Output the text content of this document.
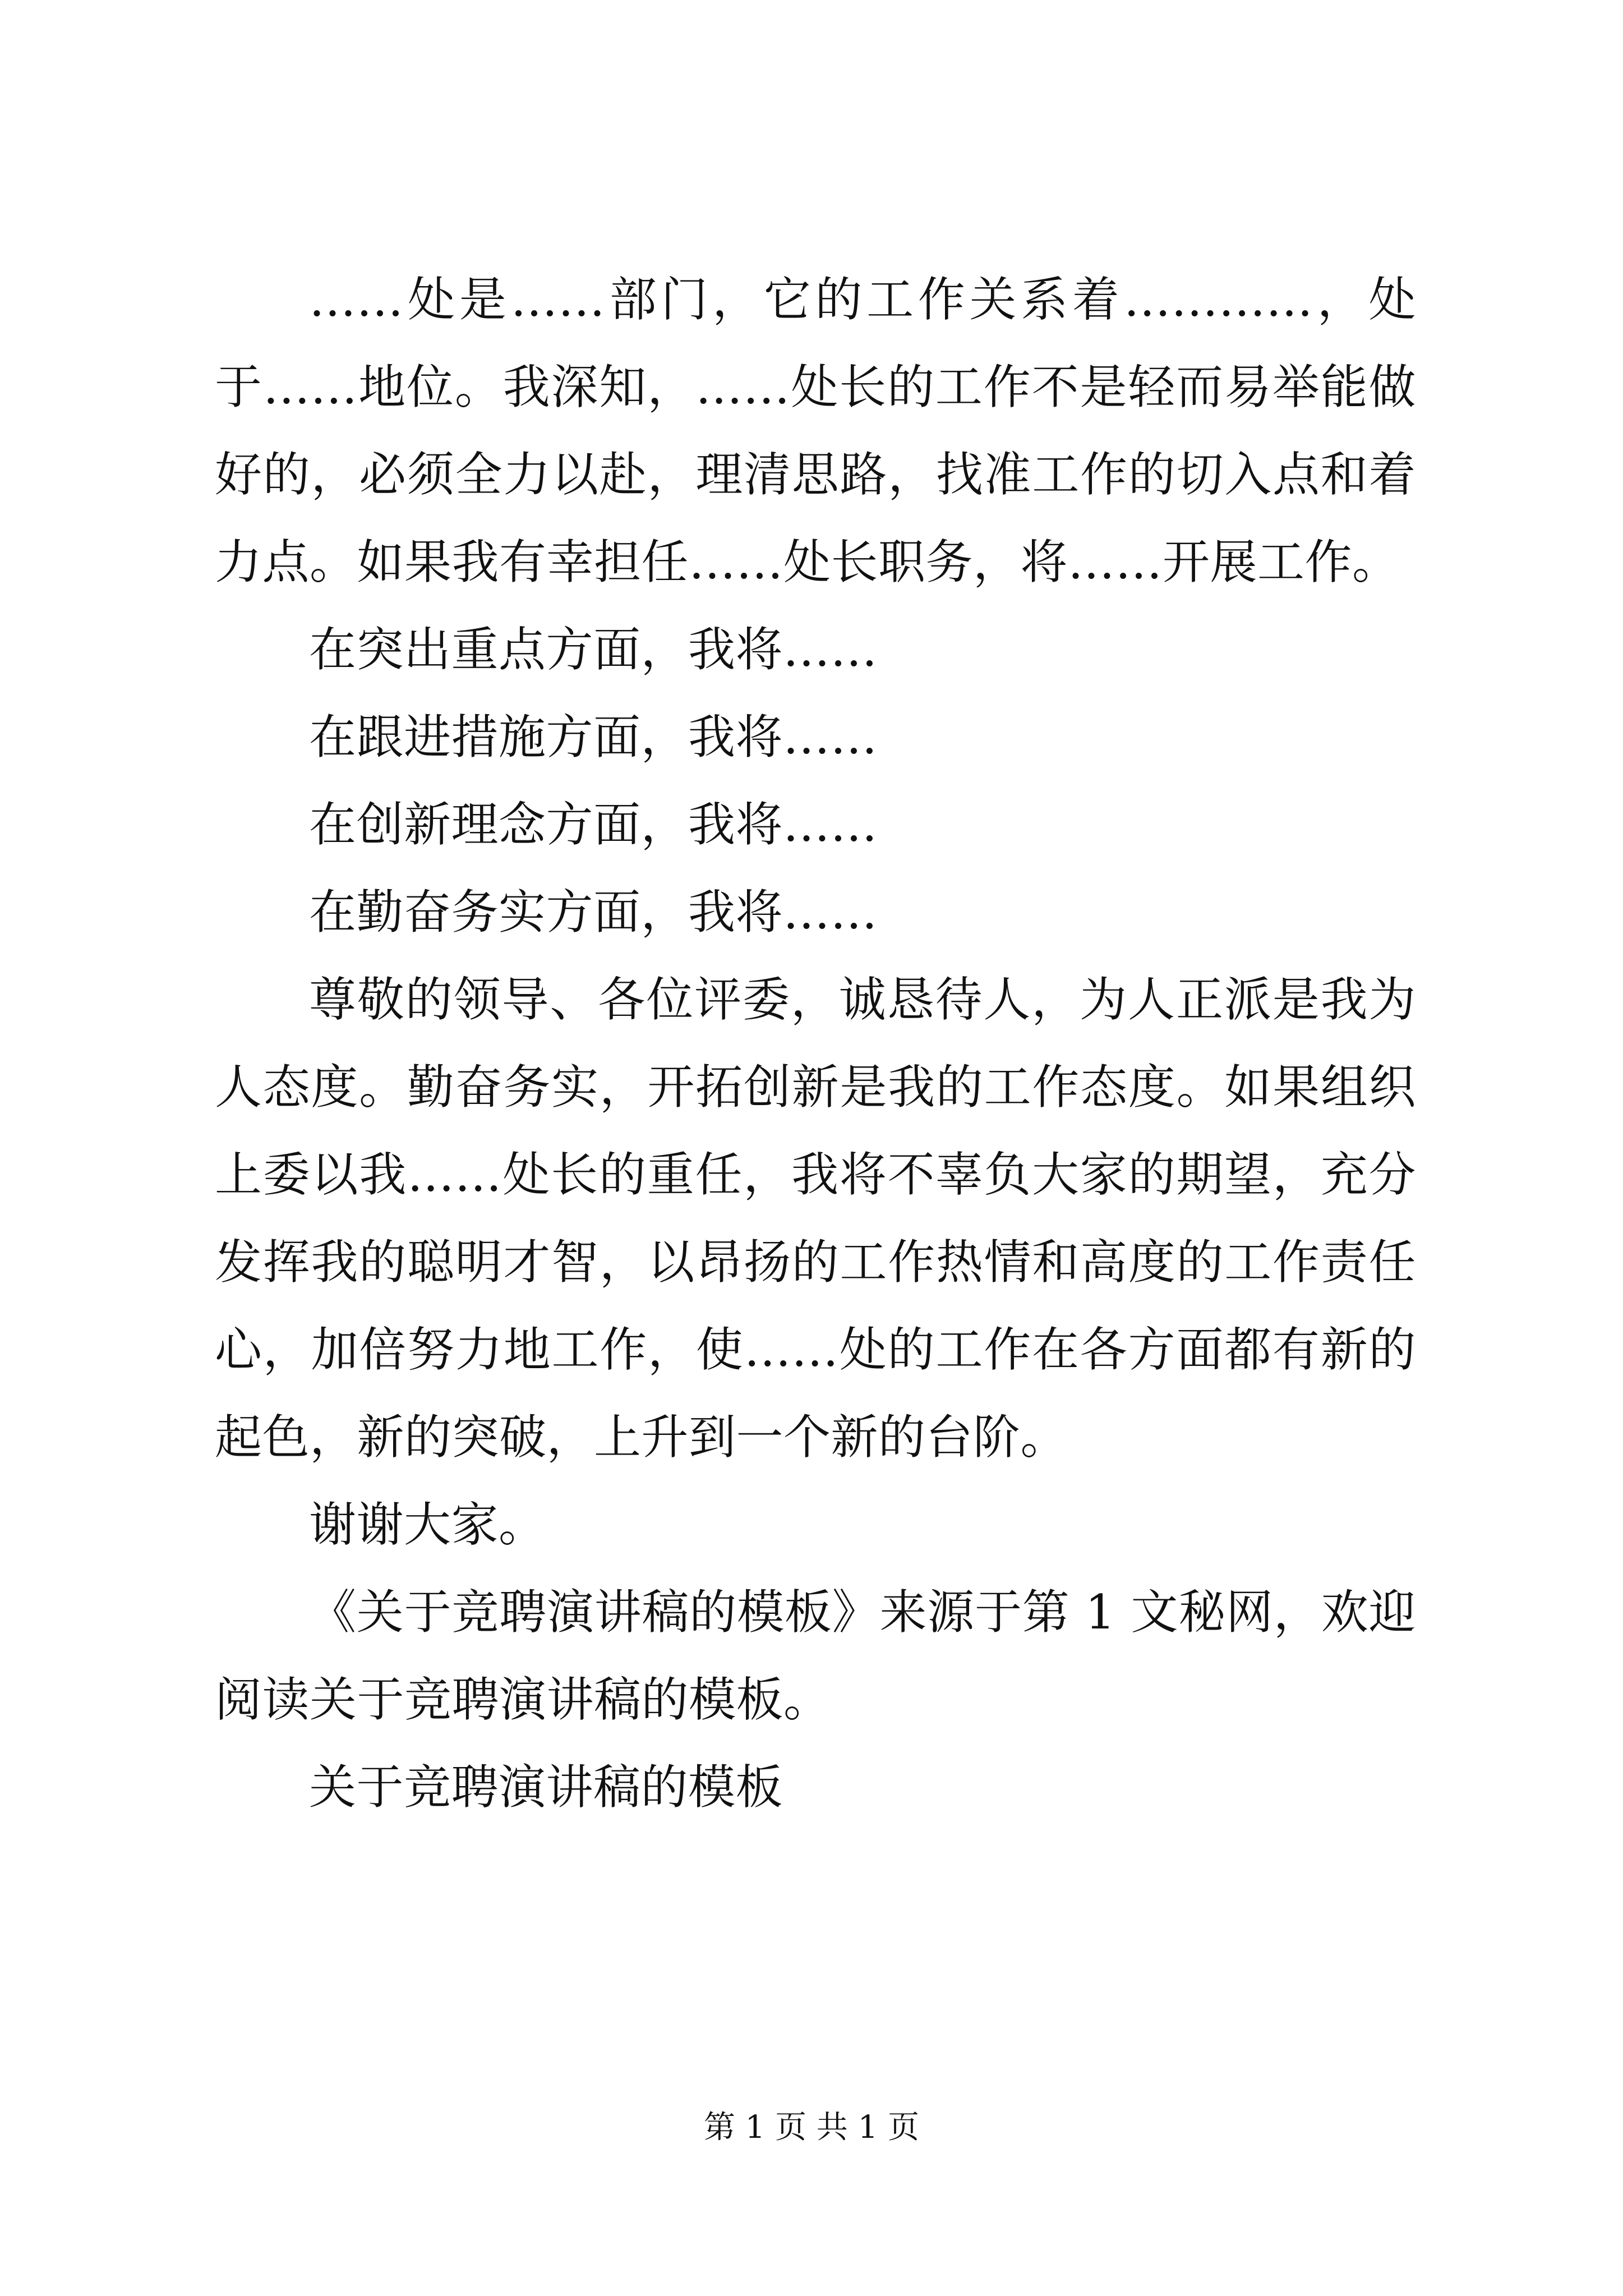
……处是……部门，它的工作关系着…………，处于……地位。我深知，……处长的工作不是轻而易举能做好的，必须全力以赴，理清思路，找准工作的切入点和着力点。如果我有幸担任……处长职务，将……开展工作。

在突出重点方面，我将……

在跟进措施方面，我将……

在创新理念方面，我将……

在勤奋务实方面，我将……

尊敬的领导、各位评委，诚恳待人，为人正派是我为人态度。勤奋务实，开拓创新是我的工作态度。如果组织上委以我……处长的重任，我将不辜负大家的期望，充分发挥我的聪明才智，以昂扬的工作热情和高度的工作责任心，加倍努力地工作，使……处的工作在各方面都有新的起色，新的突破，上升到一个新的台阶。

谢谢大家。

《关于竞聘演讲稿的模板》来源于第 1 文秘网，欢迎阅读关于竞聘演讲稿的模板。

关于竞聘演讲稿的模板

第 1 页 共 1 页
